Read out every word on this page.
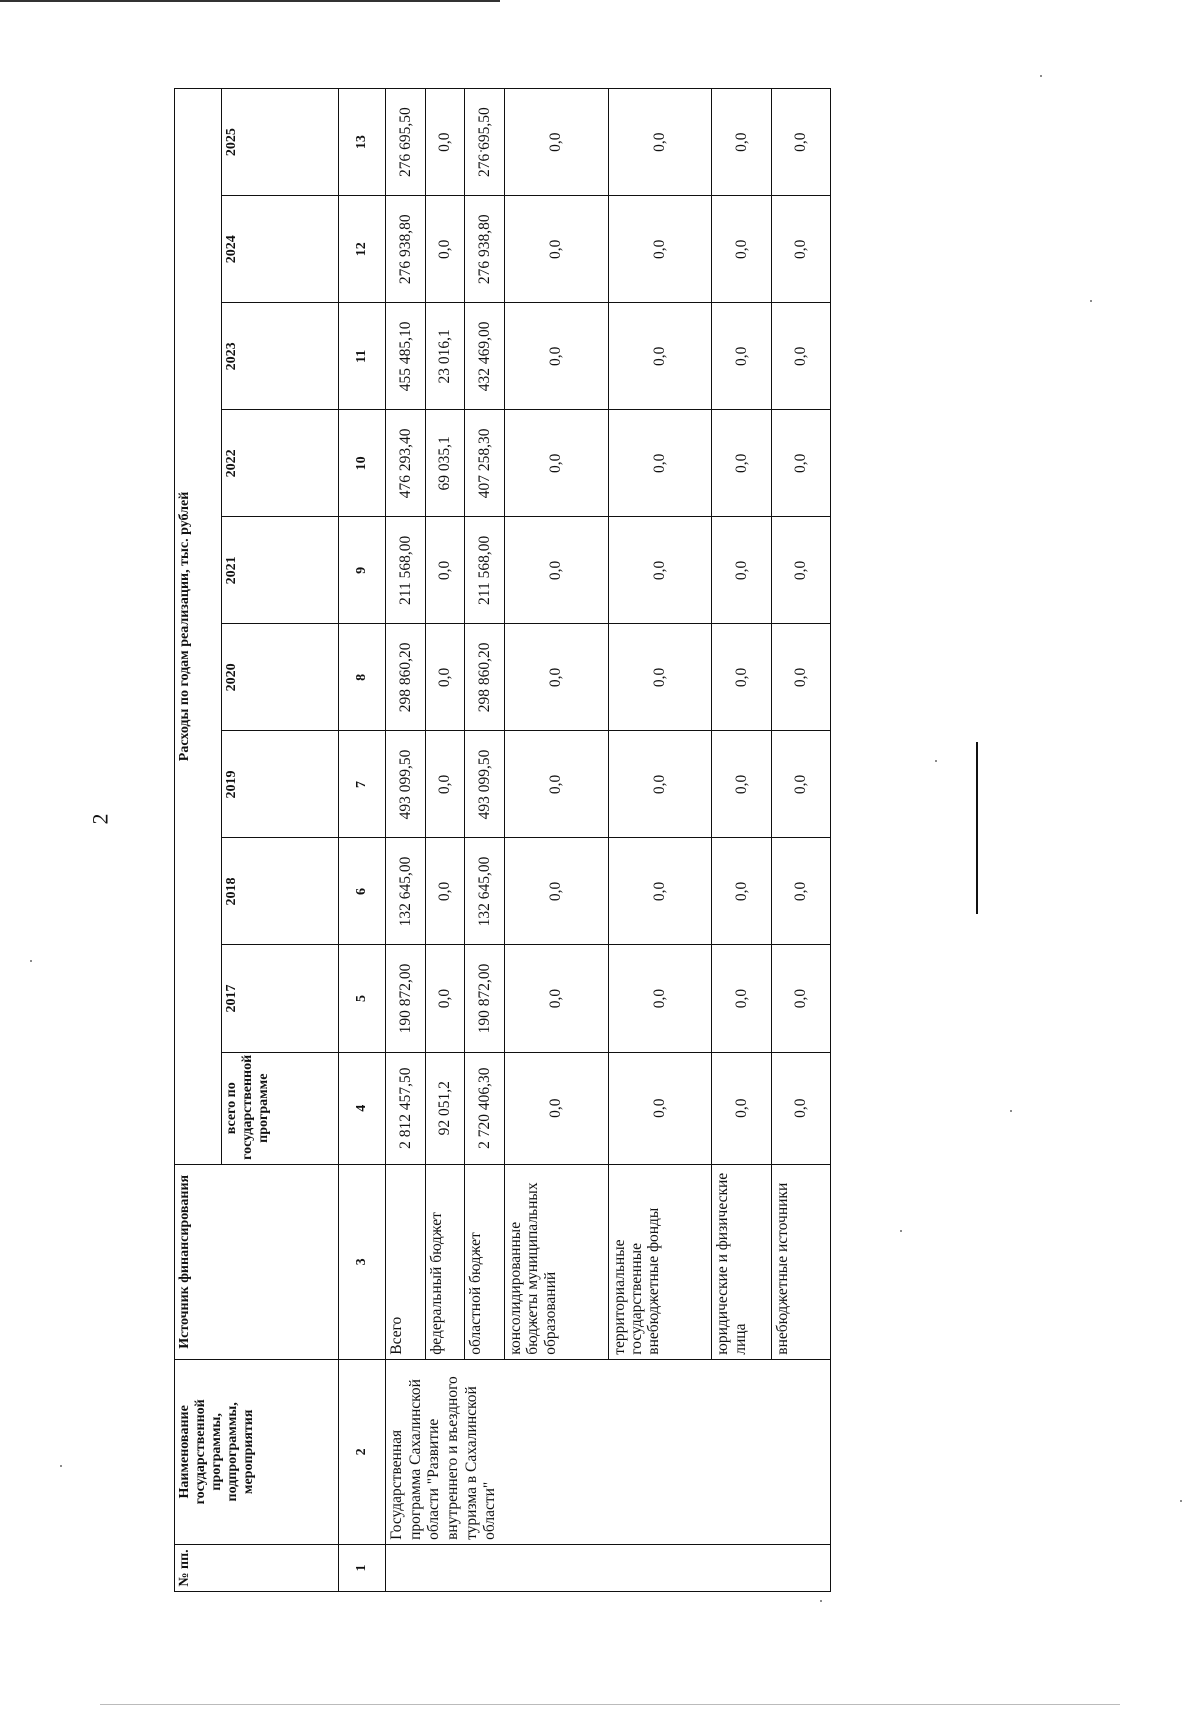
2
№ пп.	Наименование государственной программы, подпрограммы, мероприятия	Источник финансирования	Расходы по годам реализации, тыс. рублей									
			всего по государственной программе	2017	2018	2019	2020	2021	2022	2023	2024	2025
1	2	3	4	5	6	7	8	9	10	11	12	13
	Государственная программа Сахалинской области "Развитие внутреннего и въездного туризма в Сахалинской области"	Всего	2 812 457,50	190 872,00	132 645,00	493 099,50	298 860,20	211 568,00	476 293,40	455 485,10	276 938,80	276 695,50
		федеральный бюджет	92 051,2	0,0	0,0	0,0	0,0	0,0	69 035,1	23 016,1	0,0	0,0
		областной бюджет	2 720 406,30	190 872,00	132 645,00	493 099,50	298 860,20	211 568,00	407 258,30	432 469,00	276 938,80	276 695,50
		консолидированные бюджеты муниципальных образований	0,0	0,0	0,0	0,0	0,0	0,0	0,0	0,0	0,0	0,0
		территориальные государственные внебюджетные фонды	0,0	0,0	0,0	0,0	0,0	0,0	0,0	0,0	0,0	0,0
		юридические и физические лица	0,0	0,0	0,0	0,0	0,0	0,0	0,0	0,0	0,0	0,0
		внебюджетные источники	0,0	0,0	0,0	0,0	0,0	0,0	0,0	0,0	0,0	0,0
